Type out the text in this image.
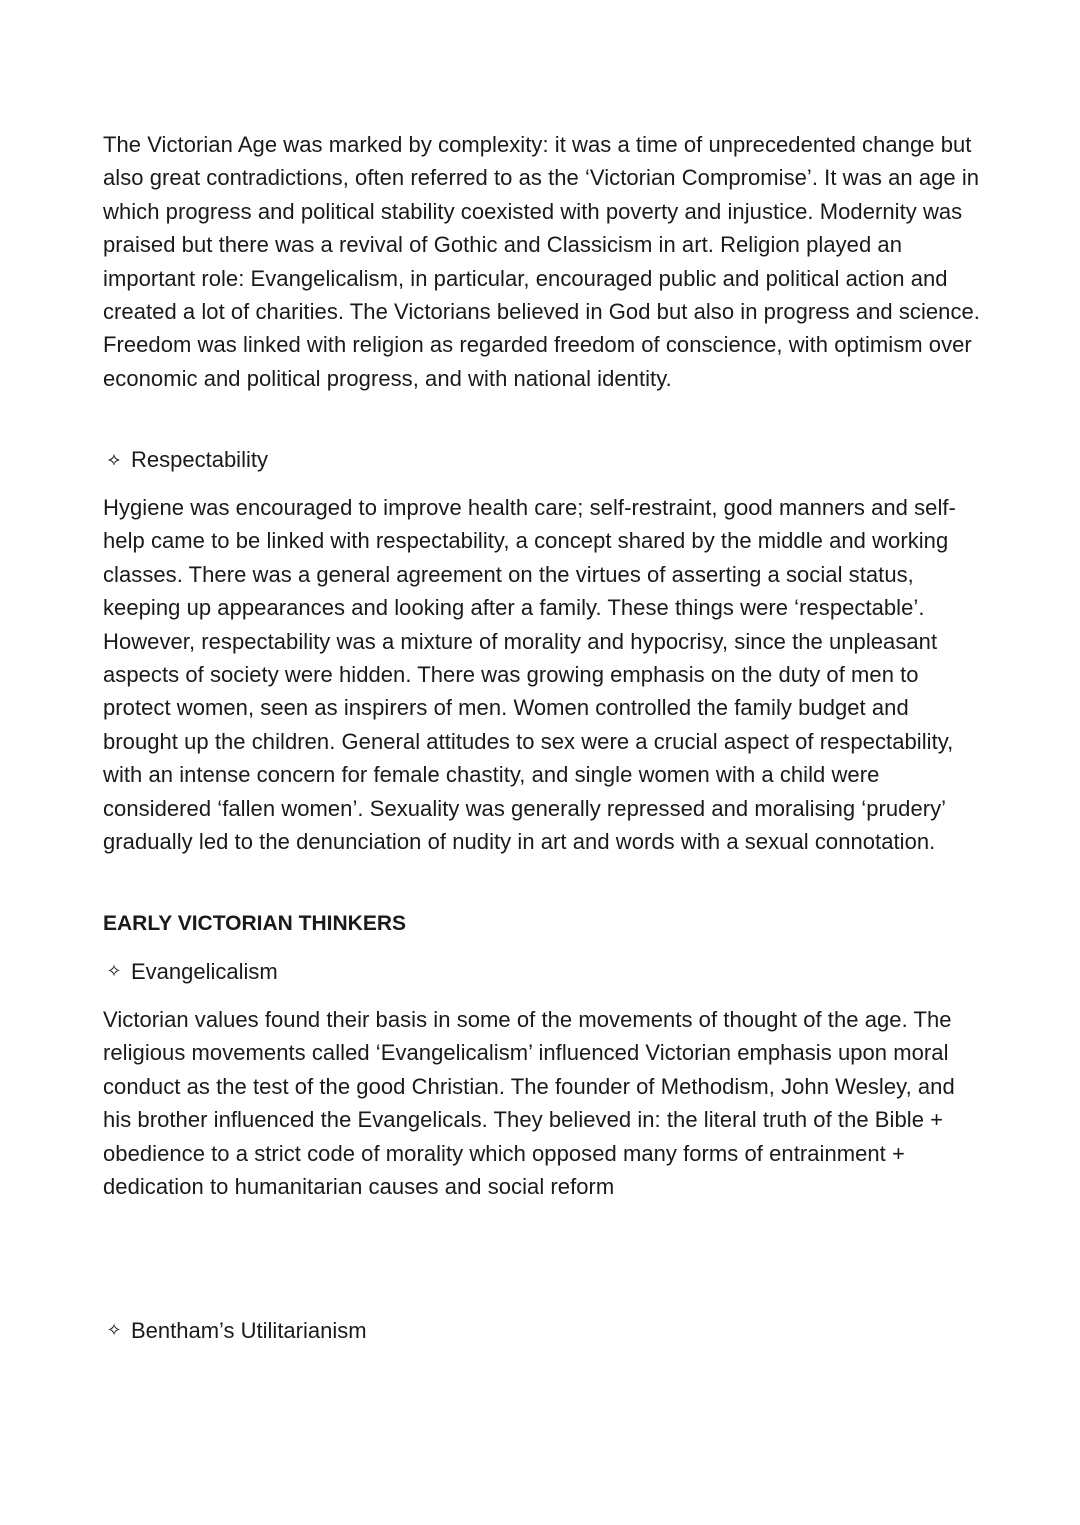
The Victorian Age was marked by complexity: it was a time of unprecedented change but also great contradictions, often referred to as the ‘Victorian Compromise’. It was an age in which progress and political stability coexisted with poverty and injustice. Modernity was praised but there was a revival of Gothic and Classicism in art. Religion played an important role: Evangelicalism, in particular, encouraged public and political action and created a lot of charities. The Victorians believed in God but also in progress and science. Freedom was linked with religion as regarded freedom of conscience, with optimism over economic and political progress, and with national identity.

⟡ Respectability

Hygiene was encouraged to improve health care; self-restraint, good manners and self-help came to be linked with respectability, a concept shared by the middle and working classes. There was a general agreement on the virtues of asserting a social status, keeping up appearances and looking after a family. These things were ‘respectable’. However, respectability was a mixture of morality and hypocrisy, since the unpleasant aspects of society were hidden. There was growing emphasis on the duty of men to protect women, seen as inspirers of men. Women controlled the family budget and brought up the children. General attitudes to sex were a crucial aspect of respectability, with an intense concern for female chastity, and single women with a child were considered ‘fallen women’. Sexuality was generally repressed and moralising ‘prudery’ gradually led to the denunciation of nudity in art and words with a sexual connotation.

EARLY VICTORIAN THINKERS

✧ Evangelicalism

Victorian values found their basis in some of the movements of thought of the age. The religious movements called ‘Evangelicalism’ influenced Victorian emphasis upon moral conduct as the test of the good Christian. The founder of Methodism, John Wesley, and his brother influenced the Evangelicals. They believed in: the literal truth of the Bible + obedience to a strict code of morality which opposed many forms of entrainment + dedication to humanitarian causes and social reform

✧ Bentham’s Utilitarianism
